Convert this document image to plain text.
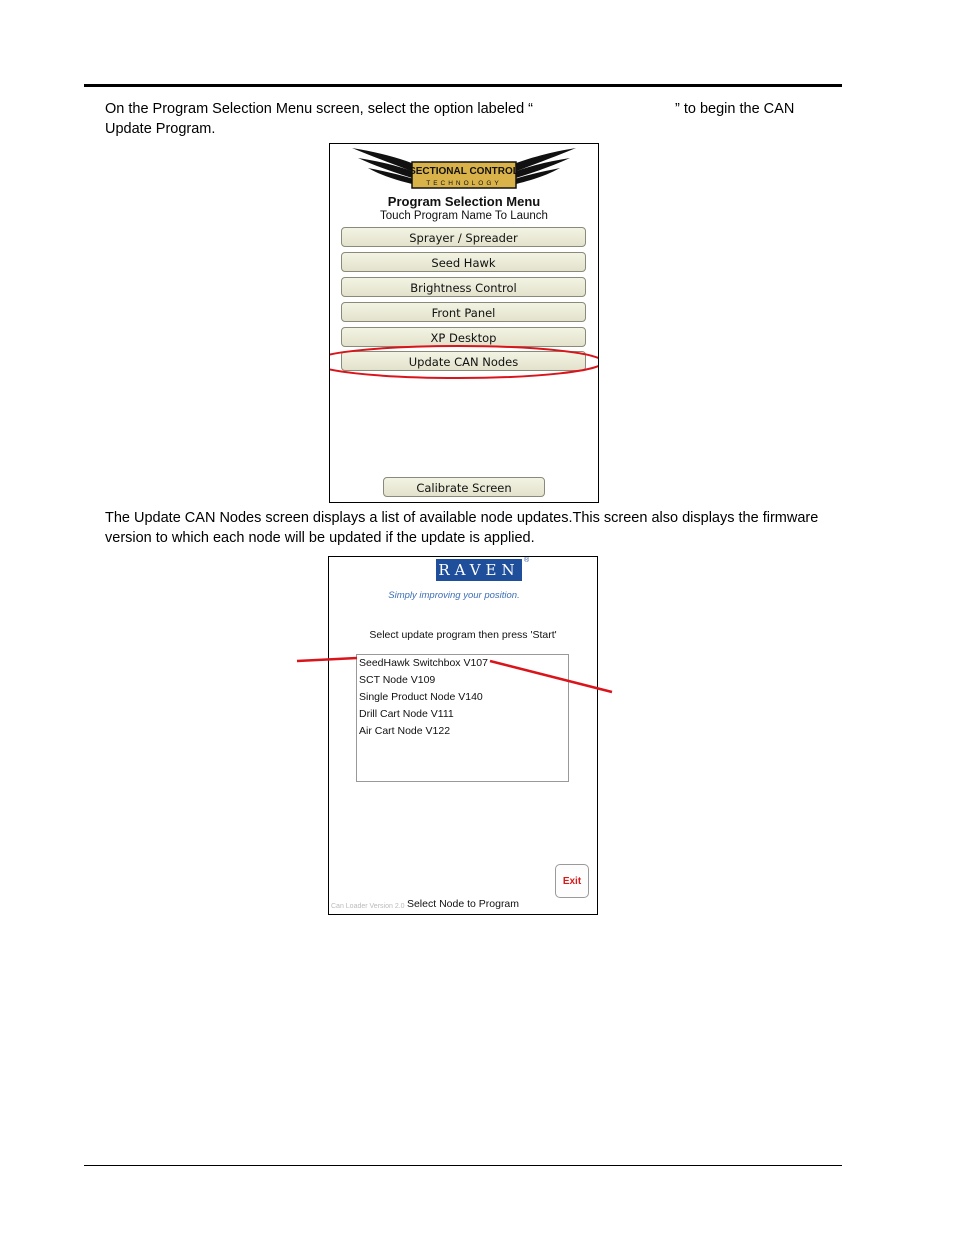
On the Program Selection Menu screen, select the option labeled “	” to begin the CAN Update Program.

SECTIONAL CONTROL
TECHNOLOGY
Program Selection Menu
Touch Program Name To Launch
Sprayer / Spreader
Seed Hawk
Brightness Control
Front Panel
XP Desktop
Update CAN Nodes
Calibrate Screen

The Update CAN Nodes screen displays a list of available node updates.This screen also displays the firmware version to which each node will be updated if the update is applied.

RAVEN
®
Simply improving your position.
Select update program then press 'Start'
SeedHawk Switchbox V107
SCT Node V109
Single Product Node V140
Drill Cart Node V111
Air Cart Node V122
Exit
Can Loader Version 2.0 Select Node to Program
